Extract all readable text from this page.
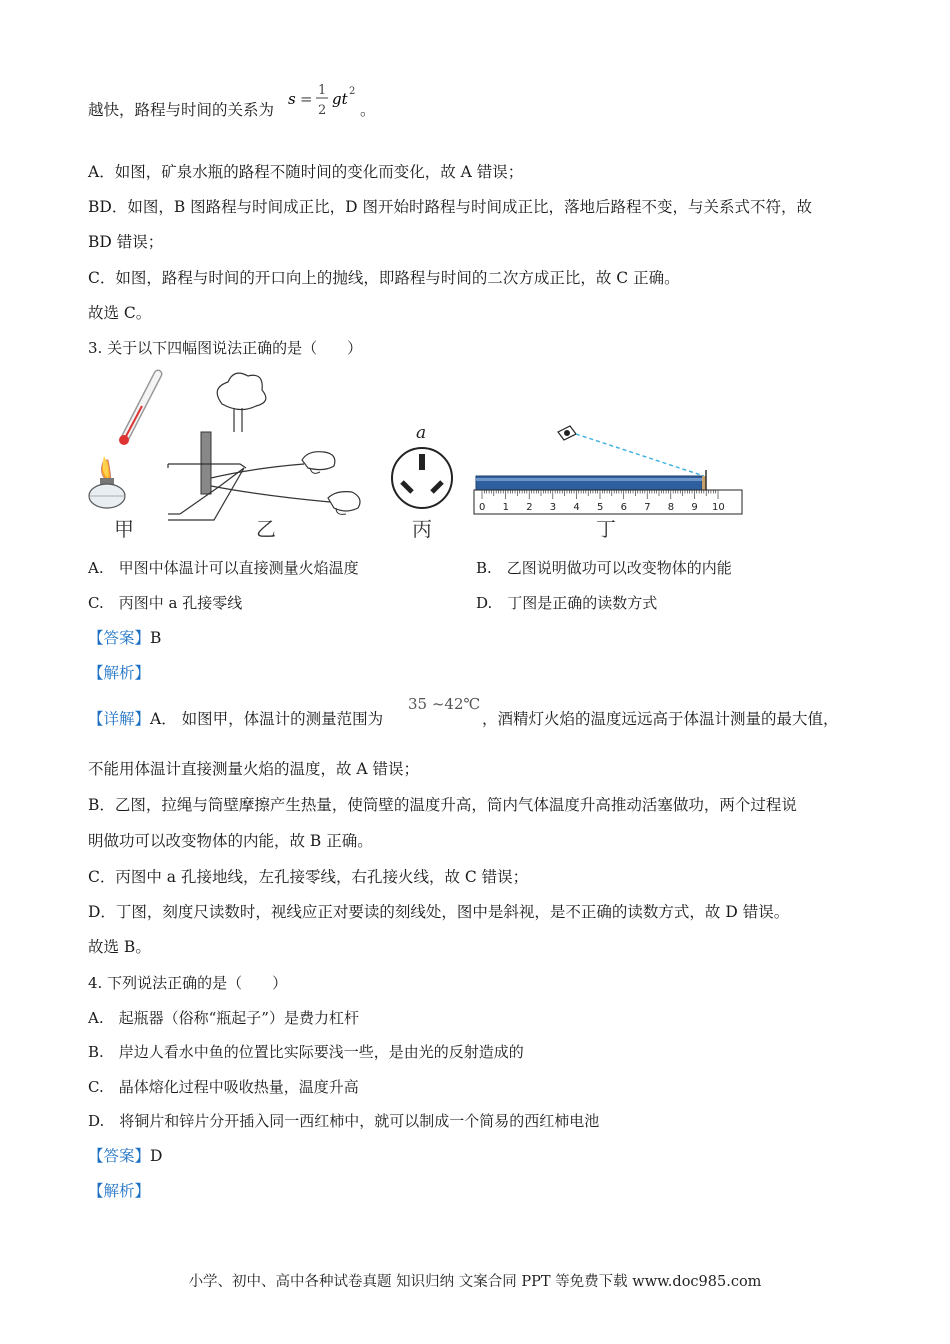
越快，路程与时间的关系为
s = 1
2
gt 2
。
A．如图，矿泉水瓶的路程不随时间的变化而变化，故 A 错误；
BD．如图，B 图路程与时间成正比，D 图开始时路程与时间成正比，落地后路程不变，与关系式不符，故
BD 错误；
C．如图，路程与时间的开口向上的抛线，即路程与时间的二次方成正比，故 C 正确。
故选 C。
3. 关于以下四幅图说法正确的是（　　）
甲	乙
a
丙
0 1 2 3 4 5 6 7 8 9 10
丁
A.　甲图中体温计可以直接测量火焰温度	B.　乙图说明做功可以改变物体的内能
C.　丙图中 a 孔接零线	D.　丁图是正确的读数方式
【答案】B
【解析】
【详解】A． 如图甲，体温计的测量范围为
35 ~42℃
，酒精灯火焰的温度远远高于体温计测量的最大值，
不能用体温计直接测量火焰的温度，故 A 错误；
B．乙图，拉绳与筒壁摩擦产生热量，使筒壁的温度升高，筒内气体温度升高推动活塞做功，两个过程说
明做功可以改变物体的内能，故 B 正确。
C．丙图中 a 孔接地线，左孔接零线，右孔接火线，故 C 错误；
D．丁图，刻度尺读数时，视线应正对要读的刻线处，图中是斜视，是不正确的读数方式，故 D 错误。
故选 B。
4. 下列说法正确的是（　　）
A.　起瓶器（俗称“瓶起子”）是费力杠杆
B.　岸边人看水中鱼的位置比实际要浅一些，是由光的反射造成的
C.　晶体熔化过程中吸收热量，温度升高
D.　将铜片和锌片分开插入同一西红柿中，就可以制成一个简易的西红柿电池
【答案】D
【解析】
小学、初中、高中各种试卷真题 知识归纳 文案合同 PPT 等免费下载 www.doc985.com
